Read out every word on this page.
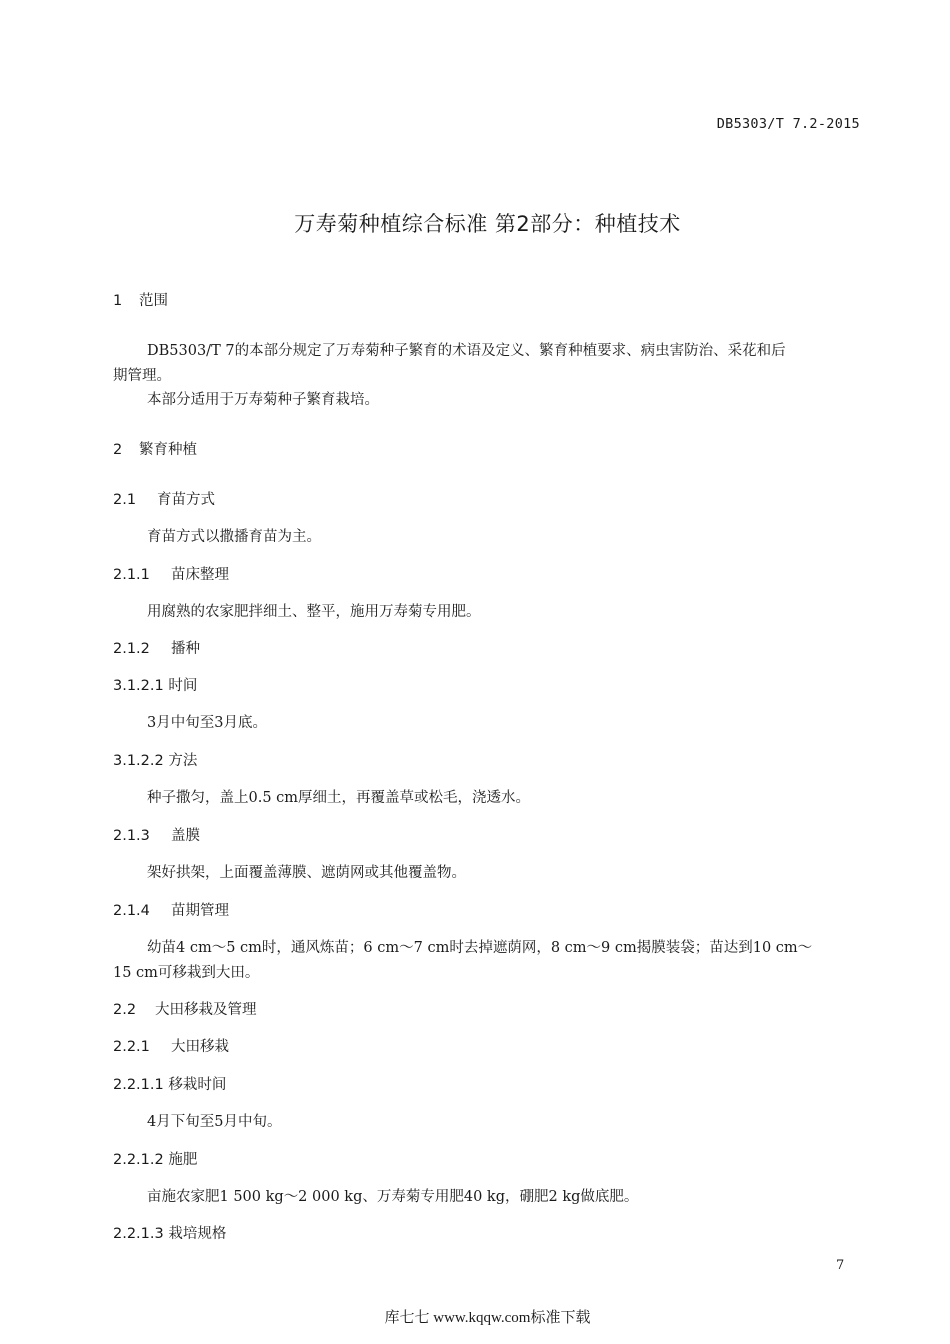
DB5303/T 7.2-2015
万寿菊种植综合标准 第2部分：种植技术
1 范围
DB5303/T 7的本部分规定了万寿菊种子繁育的术语及定义、繁育种植要求、病虫害防治、采花和后
期管理。
本部分适用于万寿菊种子繁育栽培。
2 繁育种植
2.1 育苗方式
育苗方式以撒播育苗为主。
2.1.1 苗床整理
用腐熟的农家肥拌细土、整平，施用万寿菊专用肥。
2.1.2 播种
3.1.2.1 时间
3月中旬至3月底。
3.1.2.2 方法
种子撒匀，盖上0.5 cm厚细土，再覆盖草或松毛，浇透水。
2.1.3 盖膜
架好拱架，上面覆盖薄膜、遮荫网或其他覆盖物。
2.1.4 苗期管理
幼苗4 cm～5 cm时，通风炼苗；6 cm～7 cm时去掉遮荫网，8 cm～9 cm揭膜装袋；苗达到10 cm～
15 cm可移栽到大田。
2.2 大田移栽及管理
2.2.1 大田移栽
2.2.1.1 移栽时间
4月下旬至5月中旬。
2.2.1.2 施肥
亩施农家肥1 500 kg～2 000 kg、万寿菊专用肥40 kg，硼肥2 kg做底肥。
2.2.1.3 栽培规格
7
库七七 www.kqqw.com标准下载
